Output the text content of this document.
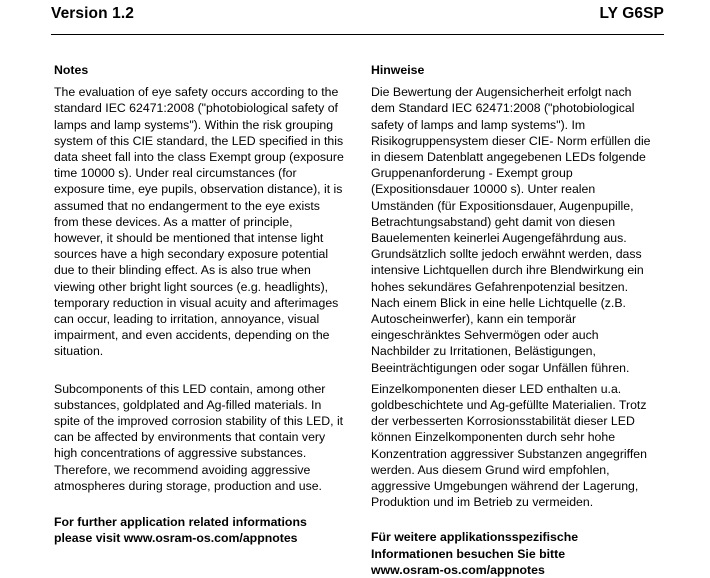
Version 1.2	LY G6SP
Notes

The evaluation of eye safety occurs according to the
standard IEC 62471:2008 ("photobiological safety of
lamps and lamp systems"). Within the risk grouping
system of this CIE standard, the LED specified in this
data sheet fall into the class Exempt group (exposure
time 10000 s). Under real circumstances (for
exposure time, eye pupils, observation distance), it is
assumed that no endangerment to the eye exists
from these devices. As a matter of principle,
however, it should be mentioned that intense light
sources have a high secondary exposure potential
due to their blinding effect. As is also true when
viewing other bright light sources (e.g. headlights),
temporary reduction in visual acuity and afterimages
can occur, leading to irritation, annoyance, visual
impairment, and even accidents, depending on the
situation.

Subcomponents of this LED contain, among other
substances, goldplated and Ag-filled materials. In
spite of the improved corrosion stability of this LED, it
can be affected by environments that contain very
high concentrations of aggressive substances.
Therefore, we recommend avoiding aggressive
atmospheres during storage, production and use.

For further application related informations
please visit www.osram-os.com/appnotes

Hinweise

Die Bewertung der Augensicherheit erfolgt nach
dem Standard IEC 62471:2008 ("photobiological
safety of lamps and lamp systems"). Im
Risikogruppensystem dieser CIE- Norm erfüllen die
in diesem Datenblatt angegebenen LEDs folgende
Gruppenanforderung - Exempt group
(Expositionsdauer 10000 s). Unter realen
Umständen (für Expositionsdauer, Augenpupille,
Betrachtungsabstand) geht damit von diesen
Bauelementen keinerlei Augengefährdung aus.
Grundsätzlich sollte jedoch erwähnt werden, dass
intensive Lichtquellen durch ihre Blendwirkung ein
hohes sekundäres Gefahrenpotenzial besitzen.
Nach einem Blick in eine helle Lichtquelle (z.B.
Autoscheinwerfer), kann ein temporär
eingeschränktes Sehvermögen oder auch
Nachbilder zu Irritationen, Belästigungen,
Beeinträchtigungen oder sogar Unfällen führen.

Einzelkomponenten dieser LED enthalten u.a.
goldbeschichtete und Ag-gefüllte Materialien. Trotz
der verbesserten Korrosionsstabilität dieser LED
können Einzelkomponenten durch sehr hohe
Konzentration aggressiver Substanzen angegriffen
werden. Aus diesem Grund wird empfohlen,
aggressive Umgebungen während der Lagerung,
Produktion und im Betrieb zu vermeiden.

Für weitere applikationsspezifische
Informationen besuchen Sie bitte
www.osram-os.com/appnotes
